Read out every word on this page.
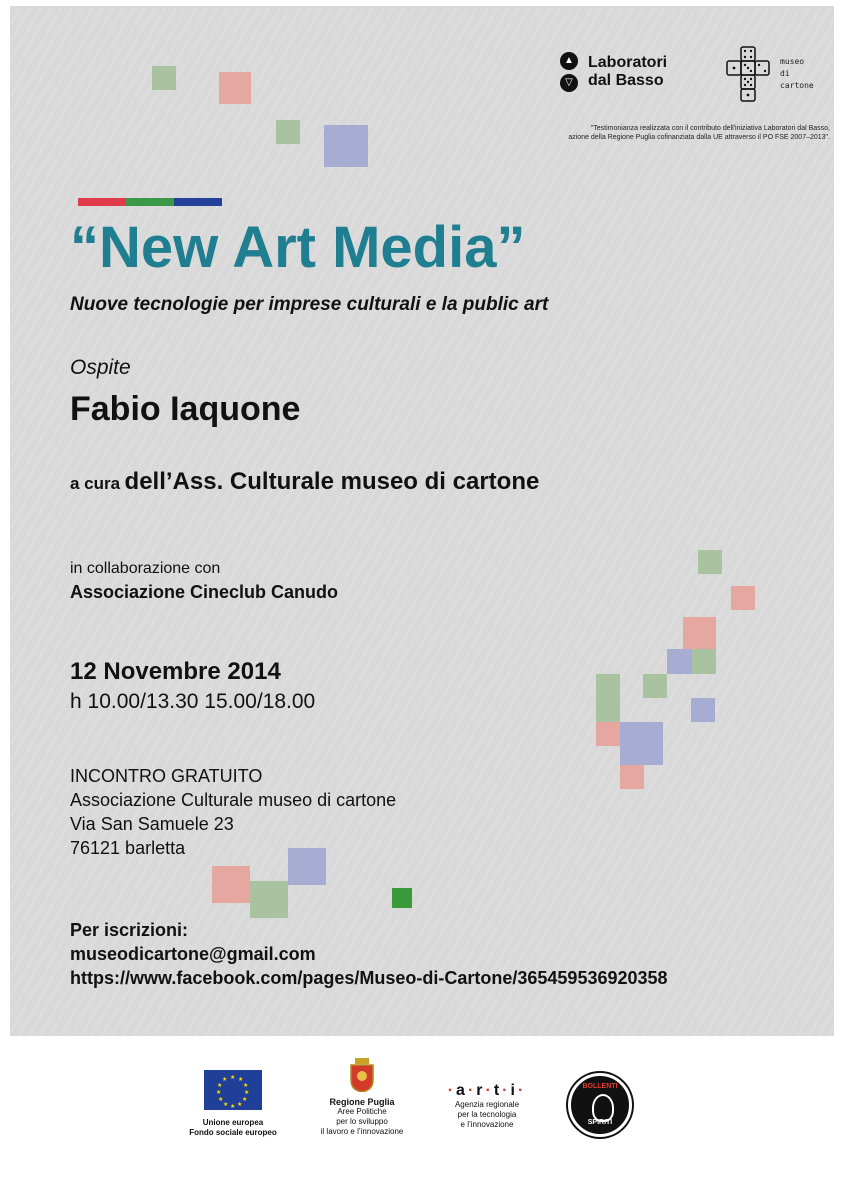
▲
▽
Laboratori
dal Basso
museo
di
cartone
"Testimonianza realizzata con il contributo dell'iniziativa Laboratori dal Basso,
azione della Regione Puglia cofinanziata dalla UE attraverso il PO FSE 2007–2013".
“New Art Media”
Nuove tecnologie per imprese culturali e la public art
Ospite
Fabio Iaquone
a cura dell’Ass. Culturale museo di cartone
in collaborazione con
Associazione Cineclub Canudo
12 Novembre 2014
h 10.00/13.30 15.00/18.00
INCONTRO GRATUITO
Associazione Culturale museo di cartone
Via San Samuele 23
76121 barletta
Per iscrizioni:
museodicartone@gmail.com
https://www.facebook.com/pages/Museo-di-Cartone/365459536920358
★ ★
★
★
★
★
★
★
★
★
★
★
Unione europea
Fondo sociale europeo
Regione Puglia
Aree Politiche
per lo sviluppo
il lavoro e l’innovazione
·a·r·t·i·
Agenzia regionale
per la tecnologia
e l’innovazione
BOLLENTI
SPIRITI
